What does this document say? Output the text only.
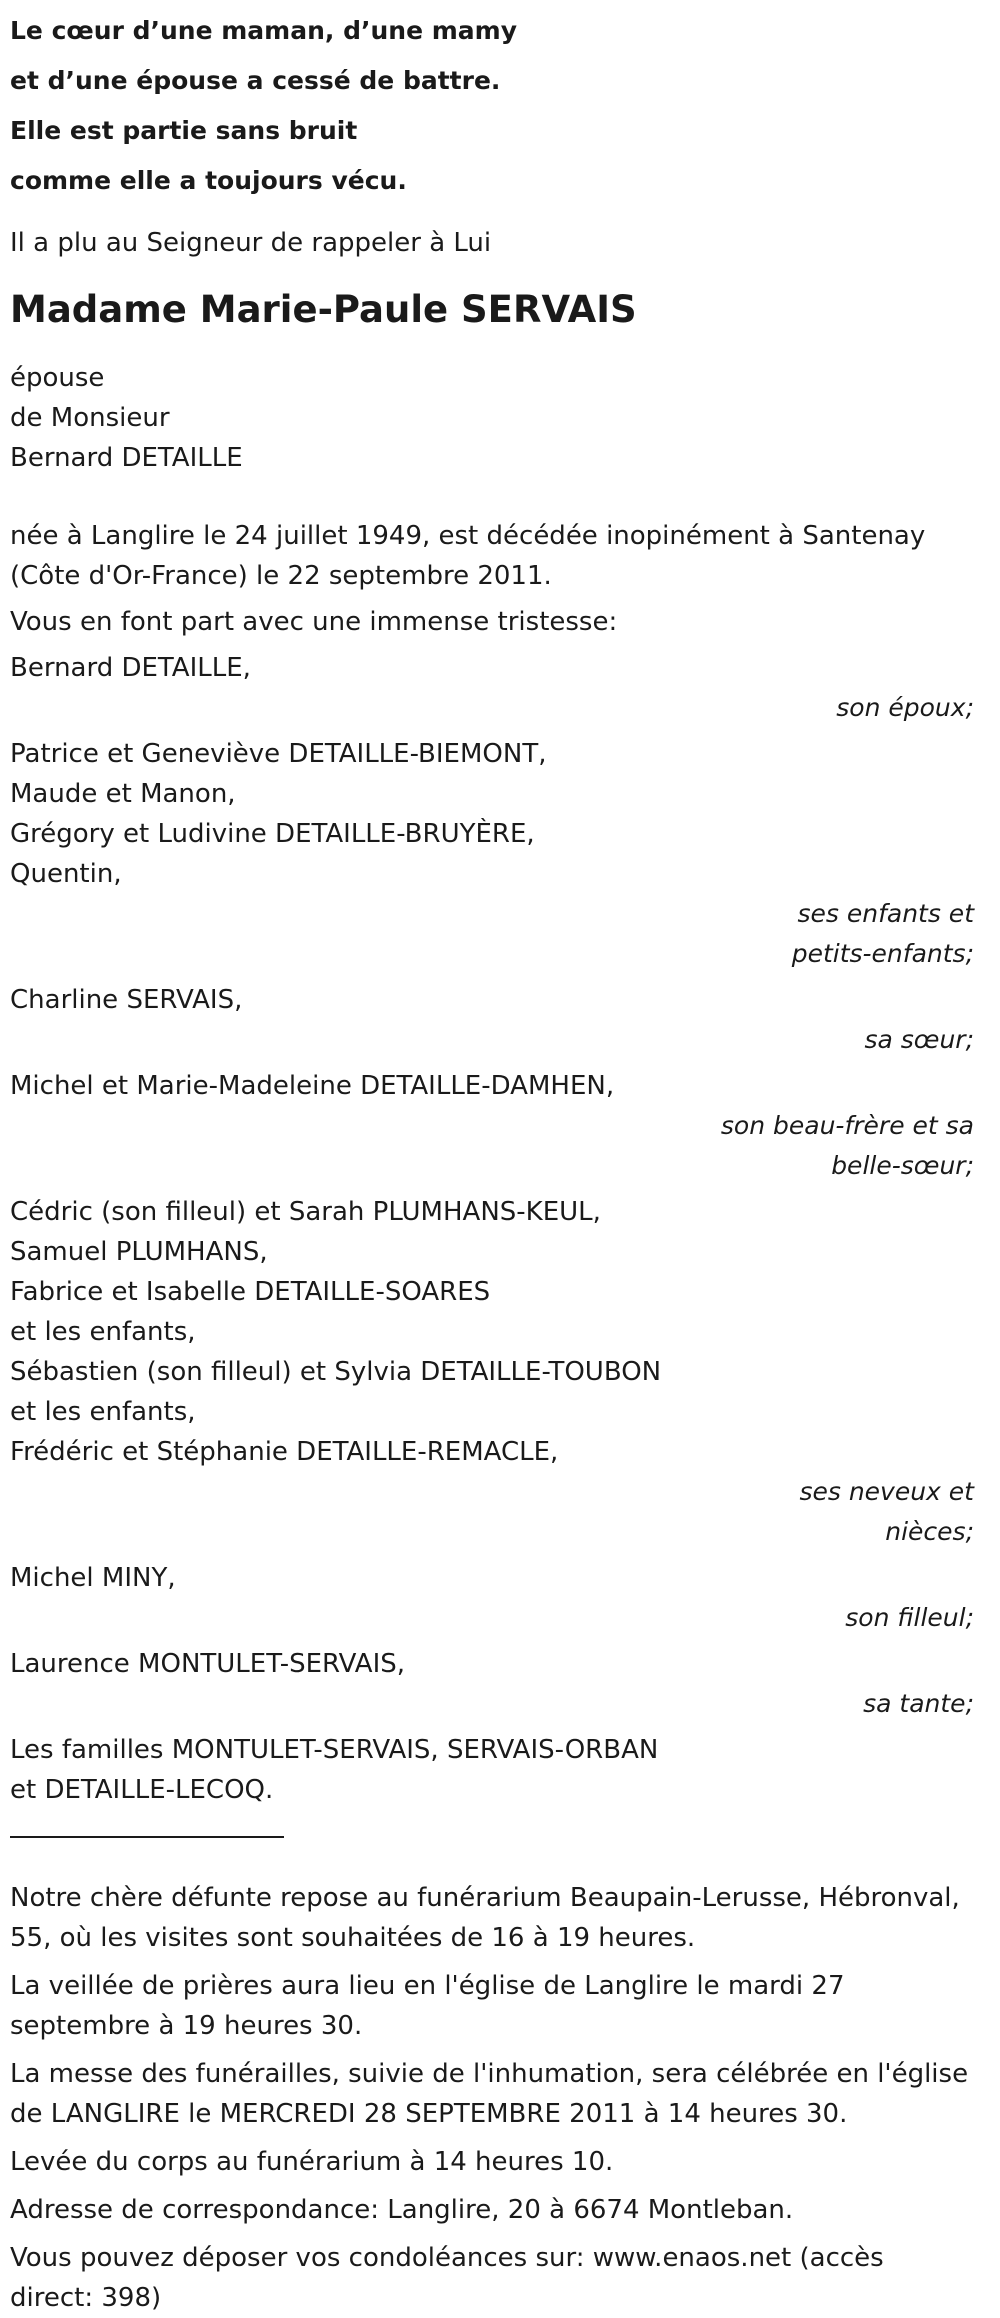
Le cœur d’une maman, d’une mamy
et d’une épouse a cessé de battre.
Elle est partie sans bruit
comme elle a toujours vécu.
Il a plu au Seigneur de rappeler à Lui
Madame Marie-Paule SERVAIS
épouse
de Monsieur
Bernard DETAILLE
née à Langlire le 24 juillet 1949, est décédée inopinément à Santenay
(Côte d'Or-France) le 22 septembre 2011.
Vous en font part avec une immense tristesse:
Bernard DETAILLE,
son époux;
Patrice et Geneviève DETAILLE-BIEMONT,
Maude et Manon,
Grégory et Ludivine DETAILLE-BRUYÈRE,
Quentin,
ses enfants et
petits-enfants;
Charline SERVAIS,
sa sœur;
Michel et Marie-Madeleine DETAILLE-DAMHEN,
son beau-frère et sa
belle-sœur;
Cédric (son filleul) et Sarah PLUMHANS-KEUL,
Samuel PLUMHANS,
Fabrice et Isabelle DETAILLE-SOARES
et les enfants,
Sébastien (son filleul) et Sylvia DETAILLE-TOUBON
et les enfants,
Frédéric et Stéphanie DETAILLE-REMACLE,
ses neveux et
nièces;
Michel MINY,
son filleul;
Laurence MONTULET-SERVAIS,
sa tante;
Les familles MONTULET-SERVAIS, SERVAIS-ORBAN
et DETAILLE-LECOQ.
Notre chère défunte repose au funérarium Beaupain-Lerusse, Hébronval,
55, où les visites sont souhaitées de 16 à 19 heures.
La veillée de prières aura lieu en l'église de Langlire le mardi 27
septembre à 19 heures 30.
La messe des funérailles, suivie de l'inhumation, sera célébrée en l'église
de LANGLIRE le MERCREDI 28 SEPTEMBRE 2011 à 14 heures 30.
Levée du corps au funérarium à 14 heures 10.
Adresse de correspondance: Langlire, 20 à 6674 Montleban.
Vous pouvez déposer vos condoléances sur: www.enaos.net (accès
direct: 398)
